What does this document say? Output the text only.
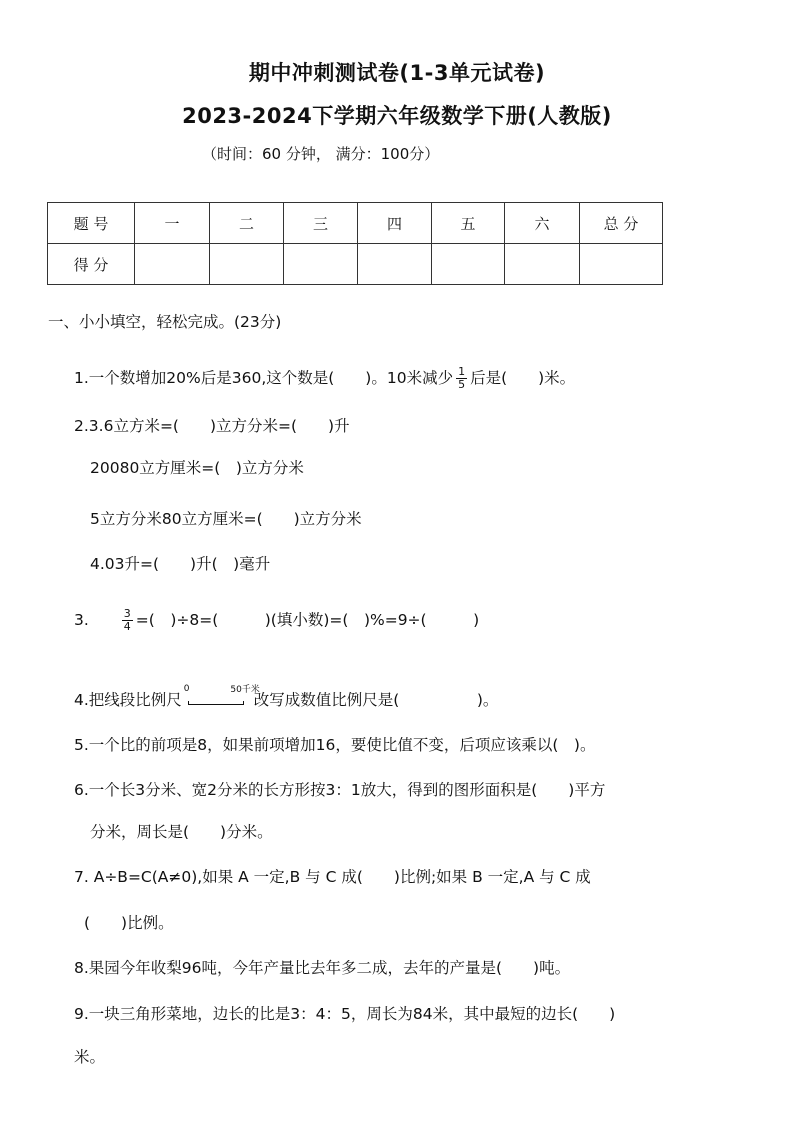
期中冲刺测试卷(1-3单元试卷)
2023-2024下学期六年级数学下册(人教版)
（时间：60 分钟， 满分：100分）
题 号	一	二	三	四	五	六	总 分
得 分							
一、小小填空，轻松完成。(23分)
1.一个数增加20%后是360,这个数是(　　)。10米减少 $\frac{1}{5}$ 后是(　　)米。
2.3.6立方米=(　　)立方分米=(　　)升
20080立方厘米=(　)立方分米
5立方分米80立方厘米=(　　)立方分米
4.03升=(　　)升(　)毫升
3.	$\frac{3}{4}$ =(　)÷8=(　　　)(填小数)=(　)%=9÷(　　　)
4.把线段比例尺
0	50千米
改写成数值比例尺是(　　　　　)。
5.一个比的前项是8，如果前项增加16，要使比值不变，后项应该乘以(　)。
6.一个长3分米、宽2分米的长方形按3：1放大，得到的图形面积是(　　)平方
分米，周长是(　　)分米。
7. A÷B=C(A≠0),如果 A 一定,B 与 C 成(　　)比例;如果 B 一定,A 与 C 成
(　　)比例。
8.果园今年收梨96吨，今年产量比去年多二成，去年的产量是(　　)吨。
9.一块三角形菜地，边长的比是3：4：5，周长为84米，其中最短的边长(　　)
米。
